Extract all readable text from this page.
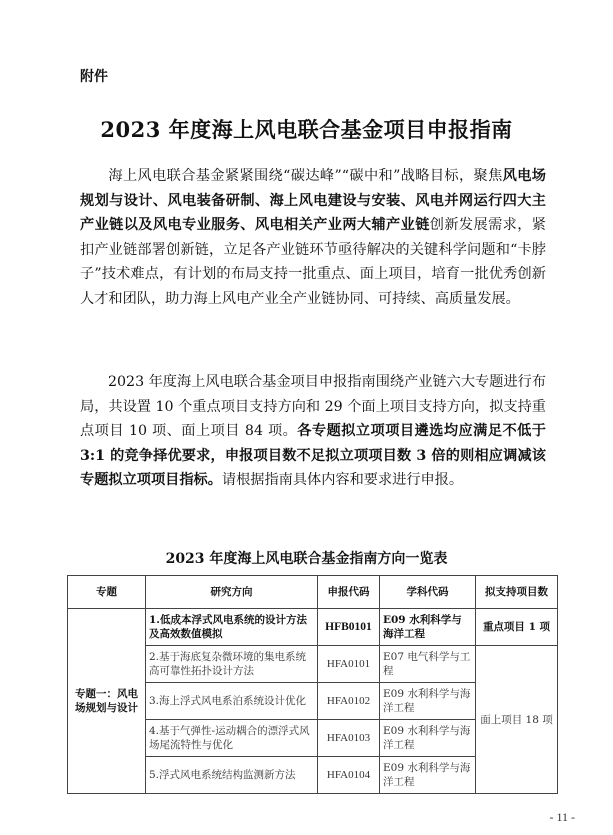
附件
2023 年度海上风电联合基金项目申报指南

海上风电联合基金紧紧围绕“碳达峰”“碳中和”战略目标，聚焦风电场规划与设计、风电装备研制、海上风电建设与安装、风电并网运行四大主产业链以及风电专业服务、风电相关产业两大辅产业链创新发展需求，紧扣产业链部署创新链，立足各产业链环节亟待解决的关键科学问题和“卡脖子”技术难点，有计划的布局支持一批重点、面上项目，培育一批优秀创新人才和团队，助力海上风电产业全产业链协同、可持续、高质量发展。

2023 年度海上风电联合基金项目申报指南围绕产业链六大专题进行布局，共设置 10 个重点项目支持方向和 29 个面上项目支持方向，拟支持重点项目 10 项、面上项目 84 项。各专题拟立项项目遴选均应满足不低于 3:1 的竞争择优要求，申报项目数不足拟立项项目数 3 倍的则相应调减该专题拟立项项目指标。请根据指南具体内容和要求进行申报。

2023 年度海上风电联合基金指南方向一览表
专题	研究方向	申报代码	学科代码	拟支持项目数
专题一：风电场规划与设计	1.低成本浮式风电系统的设计方法及高效数值模拟	HFB0101	E09 水利科学与海洋工程	重点项目 1 项
	2.基于海底复杂微环境的集电系统高可靠性拓扑设计方法	HFA0101	E07 电气科学与工程	面上项目 18 项
	3.海上浮式风电系泊系统设计优化	HFA0102	E09 水利科学与海洋工程	
	4.基于气弹性-运动耦合的漂浮式风场尾流特性与优化	HFA0103	E09 水利科学与海洋工程	
	5.浮式风电系统结构监测新方法	HFA0104	E09 水利科学与海洋工程	
- 11 -
